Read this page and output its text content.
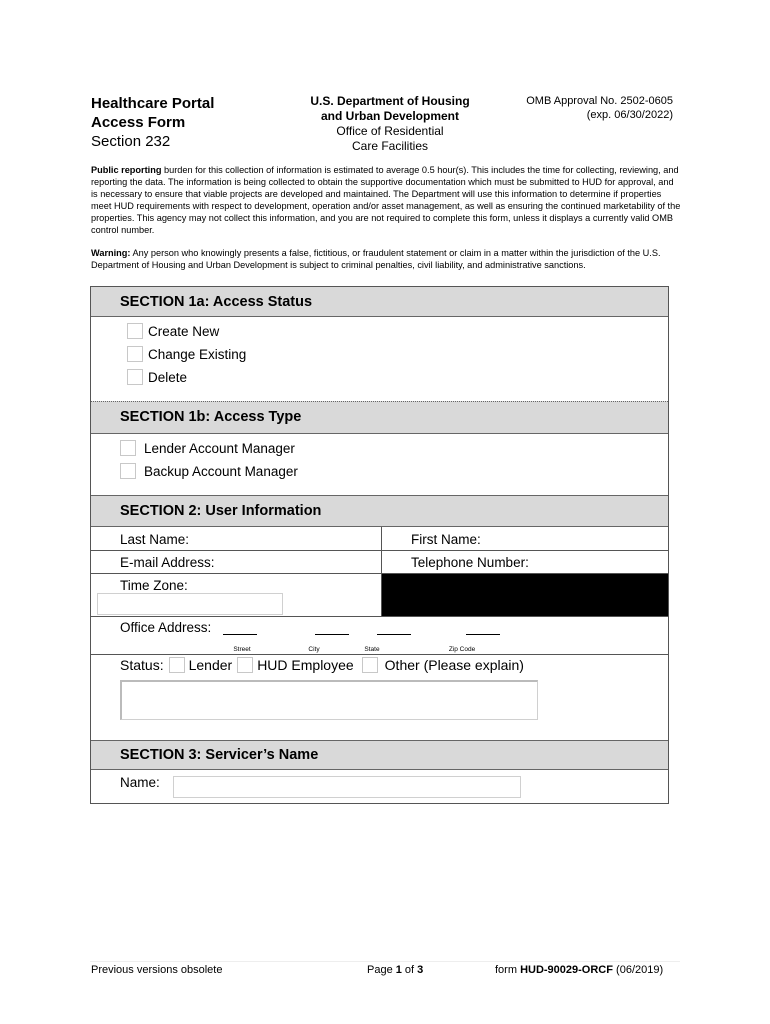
Healthcare Portal
Access Form
Section 232
U.S. Department of Housing
and Urban Development
Office of Residential
Care Facilities
OMB Approval No. 2502-0605
(exp. 06/30/2022)
Public reporting burden for this collection of information is estimated to average 0.5 hour(s). This includes the time for collecting, reviewing, and reporting the data. The information is being collected to obtain the supportive documentation which must be submitted to HUD for approval, and is necessary to ensure that viable projects are developed and maintained. The Department will use this information to determine if properties meet HUD requirements with respect to development, operation and/or asset management, as well as ensuring the continued marketability of the properties. This agency may not collect this information, and you are not required to complete this form, unless it displays a currently valid OMB control number.
Warning: Any person who knowingly presents a false, fictitious, or fraudulent statement or claim in a matter within the jurisdiction of the U.S. Department of Housing and Urban Development is subject to criminal penalties, civil liability, and administrative sanctions.
SECTION 1a: Access Status
Create New
Change Existing
Delete
SECTION 1b: Access Type
Lender Account Manager
Backup Account Manager
SECTION 2: User Information
Last Name:	First Name:
E-mail Address:	Telephone Number:
Time Zone:
Office Address:
Street	City	State	Zip Code
Status: Lender HUD Employee Other (Please explain)
SECTION 3: Servicer’s Name
Name:
Previous versions obsolete	Page 1 of 3	form HUD-90029-ORCF (06/2019)
